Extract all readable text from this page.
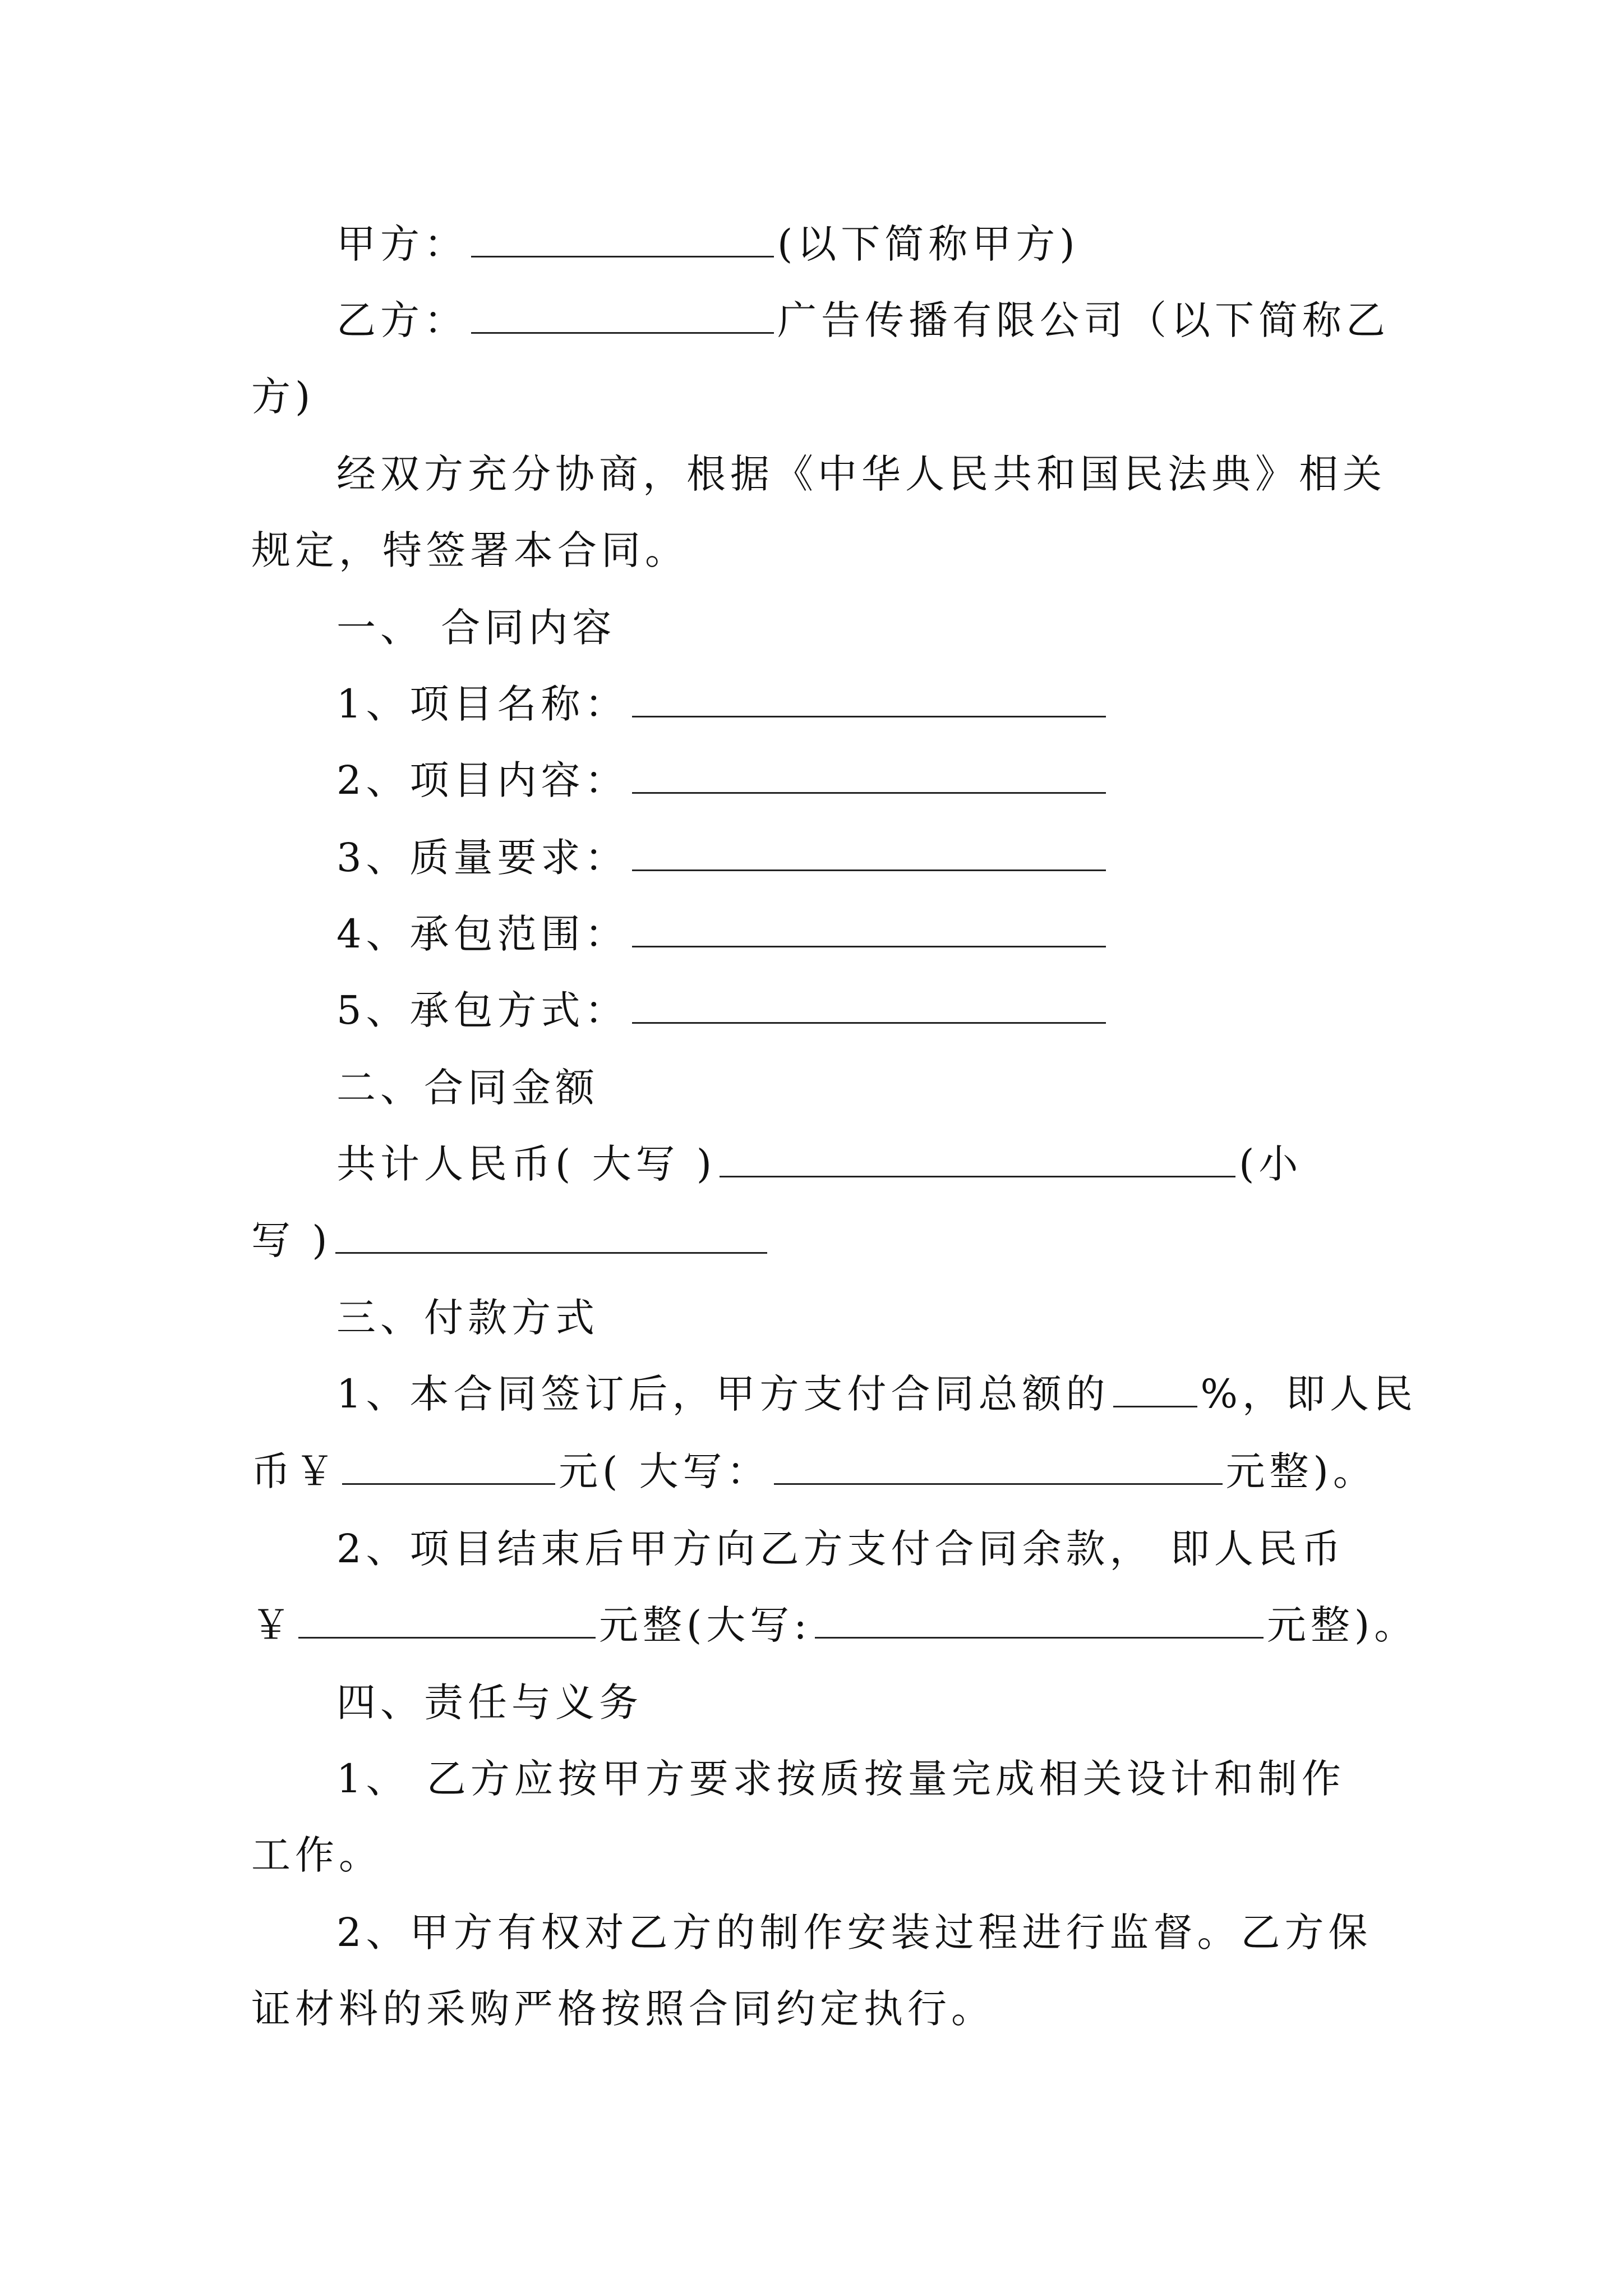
甲方：	(以下简称甲方)
乙方：	广告传播有限公司（以下简称乙
方)
经双方充分协商，根据《中华人民共和国民法典》相关
规定，特签署本合同。
一、 合同内容
1、项目名称：
2、项目内容：
3、质量要求：
4、承包范围：
5、承包方式：
二、合同金额
共计人民币( 大写 )	(小
写 )
三、付款方式
1、本合同签订后，甲方支付合同总额的 %，即人民
币￥	元( 大写：	元整)。
2、项目结束后甲方向乙方支付合同余款， 即人民币
￥	元整(大写:	元整)。
四、责任与义务
1、 乙方应按甲方要求按质按量完成相关设计和制作
工作。
2、甲方有权对乙方的制作安装过程进行监督。乙方保
证材料的采购严格按照合同约定执行。
